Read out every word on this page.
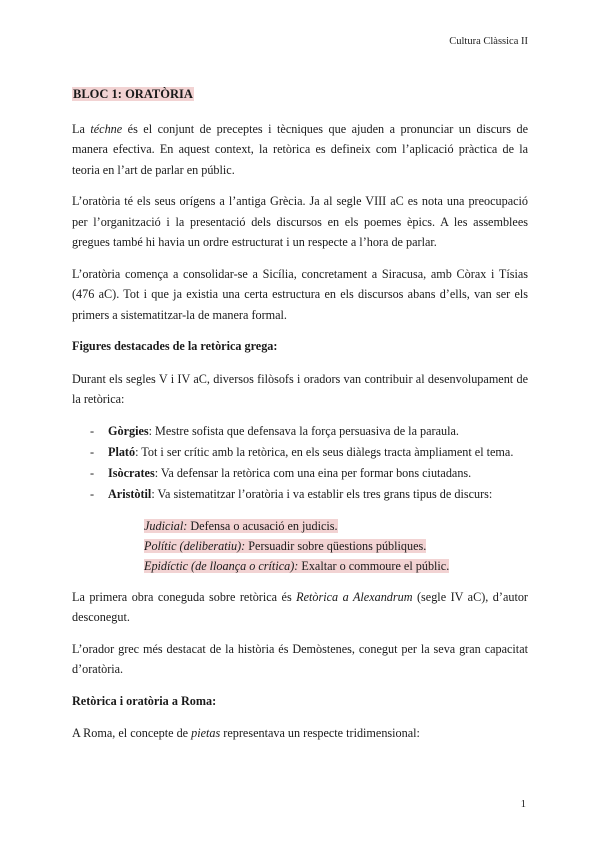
Cultura Clàssica II
BLOC 1: ORATÒRIA

La téchne és el conjunt de preceptes i tècniques que ajuden a pronunciar un discurs de manera efectiva. En aquest context, la retòrica es defineix com l’aplicació pràctica de la teoria en l’art de parlar en públic.

L’oratòria té els seus orígens a l’antiga Grècia. Ja al segle VIII aC es nota una preocupació per l’organització i la presentació dels discursos en els poemes èpics. A les assemblees gregues també hi havia un ordre estructurat i un respecte a l’hora de parlar.

L’oratòria comença a consolidar-se a Sicília, concretament a Siracusa, amb Còrax i Tísias (476 aC). Tot i que ja existia una certa estructura en els discursos abans d’ells, van ser els primers a sistematitzar-la de manera formal.

Figures destacades de la retòrica grega:

Durant els segles V i IV aC, diversos filòsofs i oradors van contribuir al desenvolupament de la retòrica:

- Gòrgies: Mestre sofista que defensava la força persuasiva de la paraula.
- Plató: Tot i ser crític amb la retòrica, en els seus diàlegs tracta àmpliament el tema.
- Isòcrates: Va defensar la retòrica com una eina per formar bons ciutadans.
- Aristòtil: Va sistematitzar l’oratòria i va establir els tres grans tipus de discurs:
Judicial: Defensa o acusació en judicis.
Polític (deliberatiu): Persuadir sobre qüestions públiques.
Epidíctic (de lloança o crítica): Exaltar o commoure el públic.

La primera obra coneguda sobre retòrica és Retòrica a Alexandrum (segle IV aC), d’autor desconegut.

L’orador grec més destacat de la història és Demòstenes, conegut per la seva gran capacitat d’oratòria.

Retòrica i oratòria a Roma:

A Roma, el concepte de pietas representava un respecte tridimensional:

1
